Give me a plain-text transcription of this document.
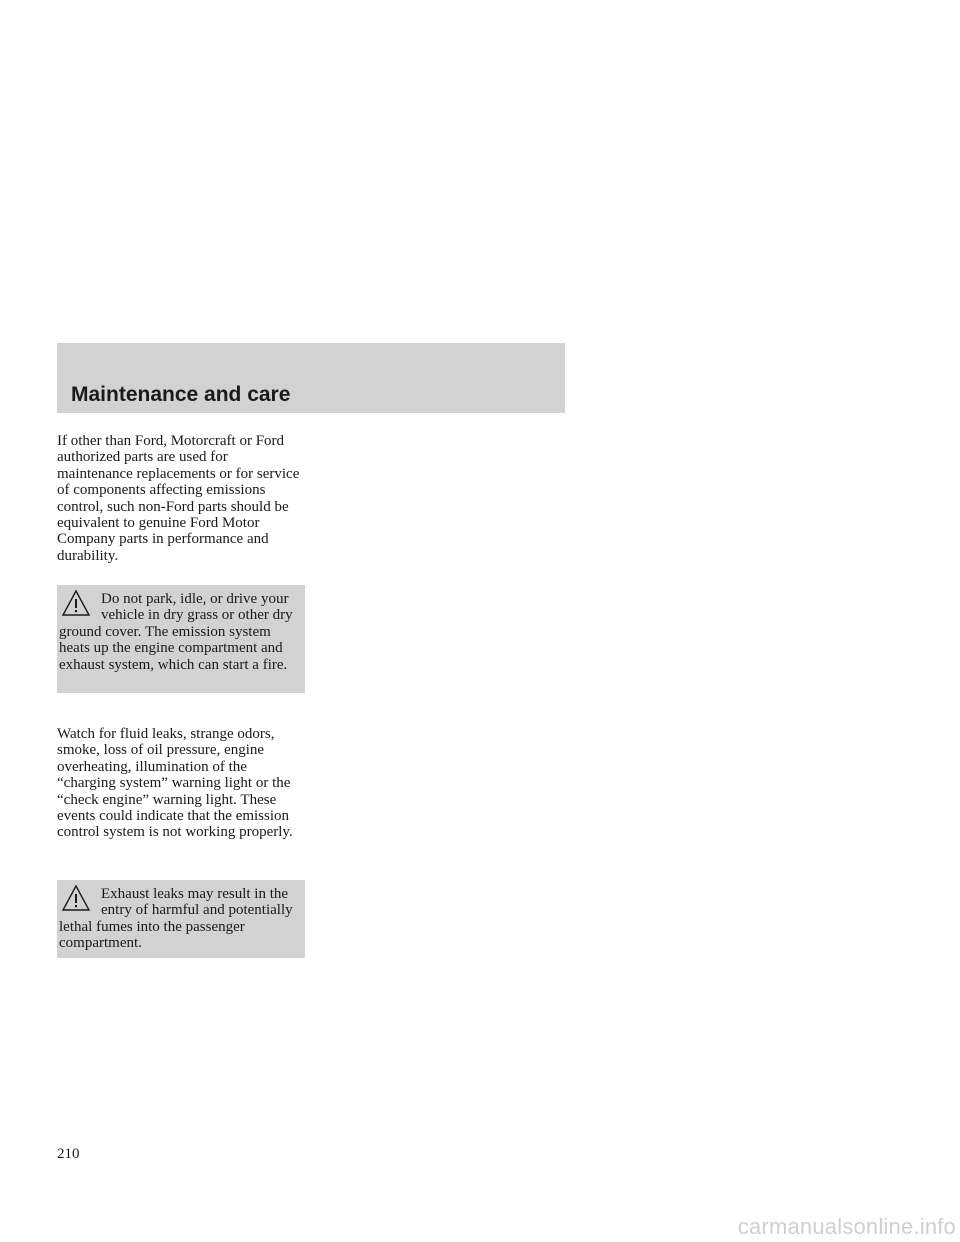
Maintenance and care

If other than Ford, Motorcraft or Ford authorized parts are used for maintenance replacements or for service of components affecting emissions control, such non-Ford parts should be equivalent to genuine Ford Motor Company parts in performance and durability.

Do not park, idle, or drive your vehicle in dry grass or other dry ground cover. The emission system heats up the engine compartment and exhaust system, which can start a fire.

Watch for fluid leaks, strange odors, smoke, loss of oil pressure, engine overheating, illumination of the “charging system” warning light or the “check engine” warning light. These events could indicate that the emission control system is not working properly.

Exhaust leaks may result in the entry of harmful and potentially lethal fumes into the passenger compartment.

210

carmanualsonline.info
